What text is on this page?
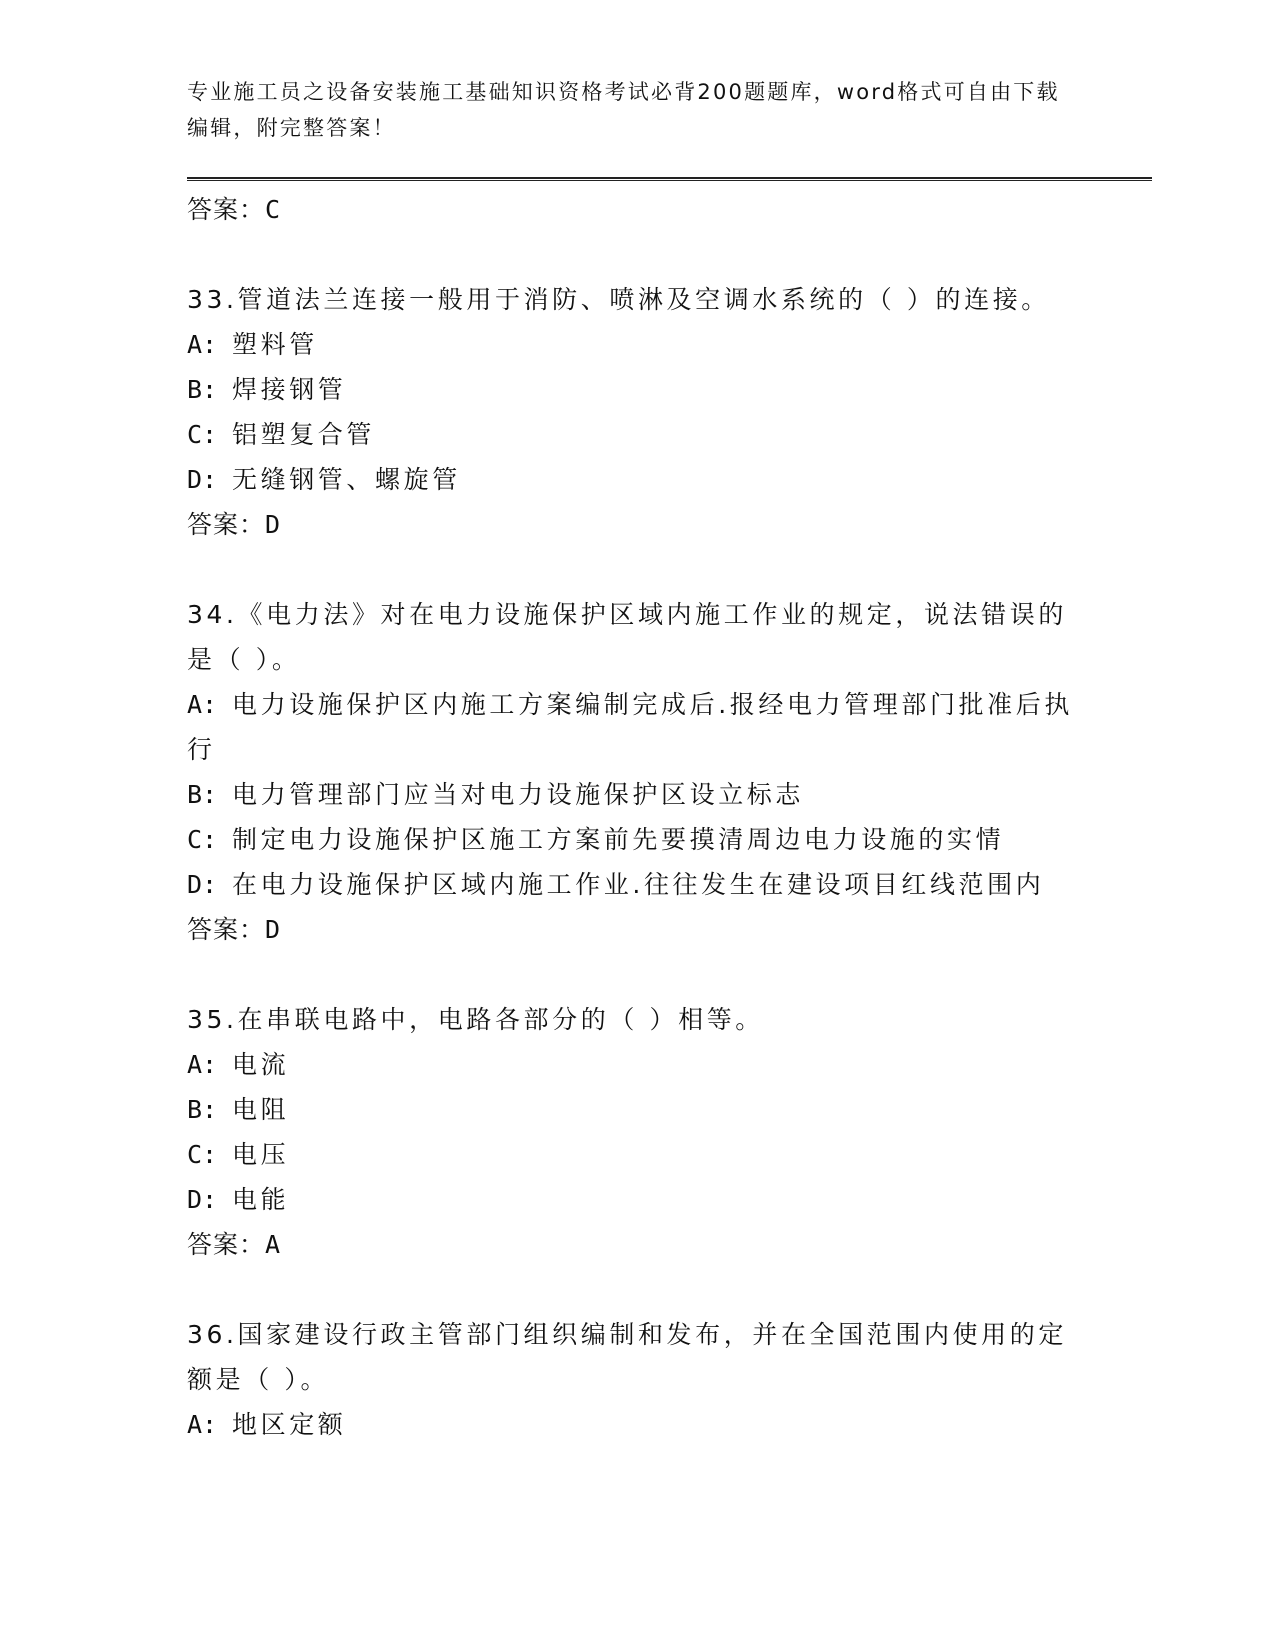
专业施工员之设备安装施工基础知识资格考试必背200题题库，word格式可自由下载编辑，附完整答案！
答案：C
33.管道法兰连接一般用于消防、喷淋及空调水系统的（ ）的连接。
A: 塑料管
B: 焊接钢管
C: 铝塑复合管
D: 无缝钢管、螺旋管
答案：D
34.《电力法》对在电力设施保护区域内施工作业的规定，说法错误的是（ ）。
A: 电力设施保护区内施工方案编制完成后.报经电力管理部门批准后执行
B: 电力管理部门应当对电力设施保护区设立标志
C: 制定电力设施保护区施工方案前先要摸清周边电力设施的实情
D: 在电力设施保护区域内施工作业.往往发生在建设项目红线范围内
答案：D
35.在串联电路中，电路各部分的（ ）相等。
A: 电流
B: 电阻
C: 电压
D: 电能
答案：A
36.国家建设行政主管部门组织编制和发布，并在全国范围内使用的定额是（ ）。
A: 地区定额
